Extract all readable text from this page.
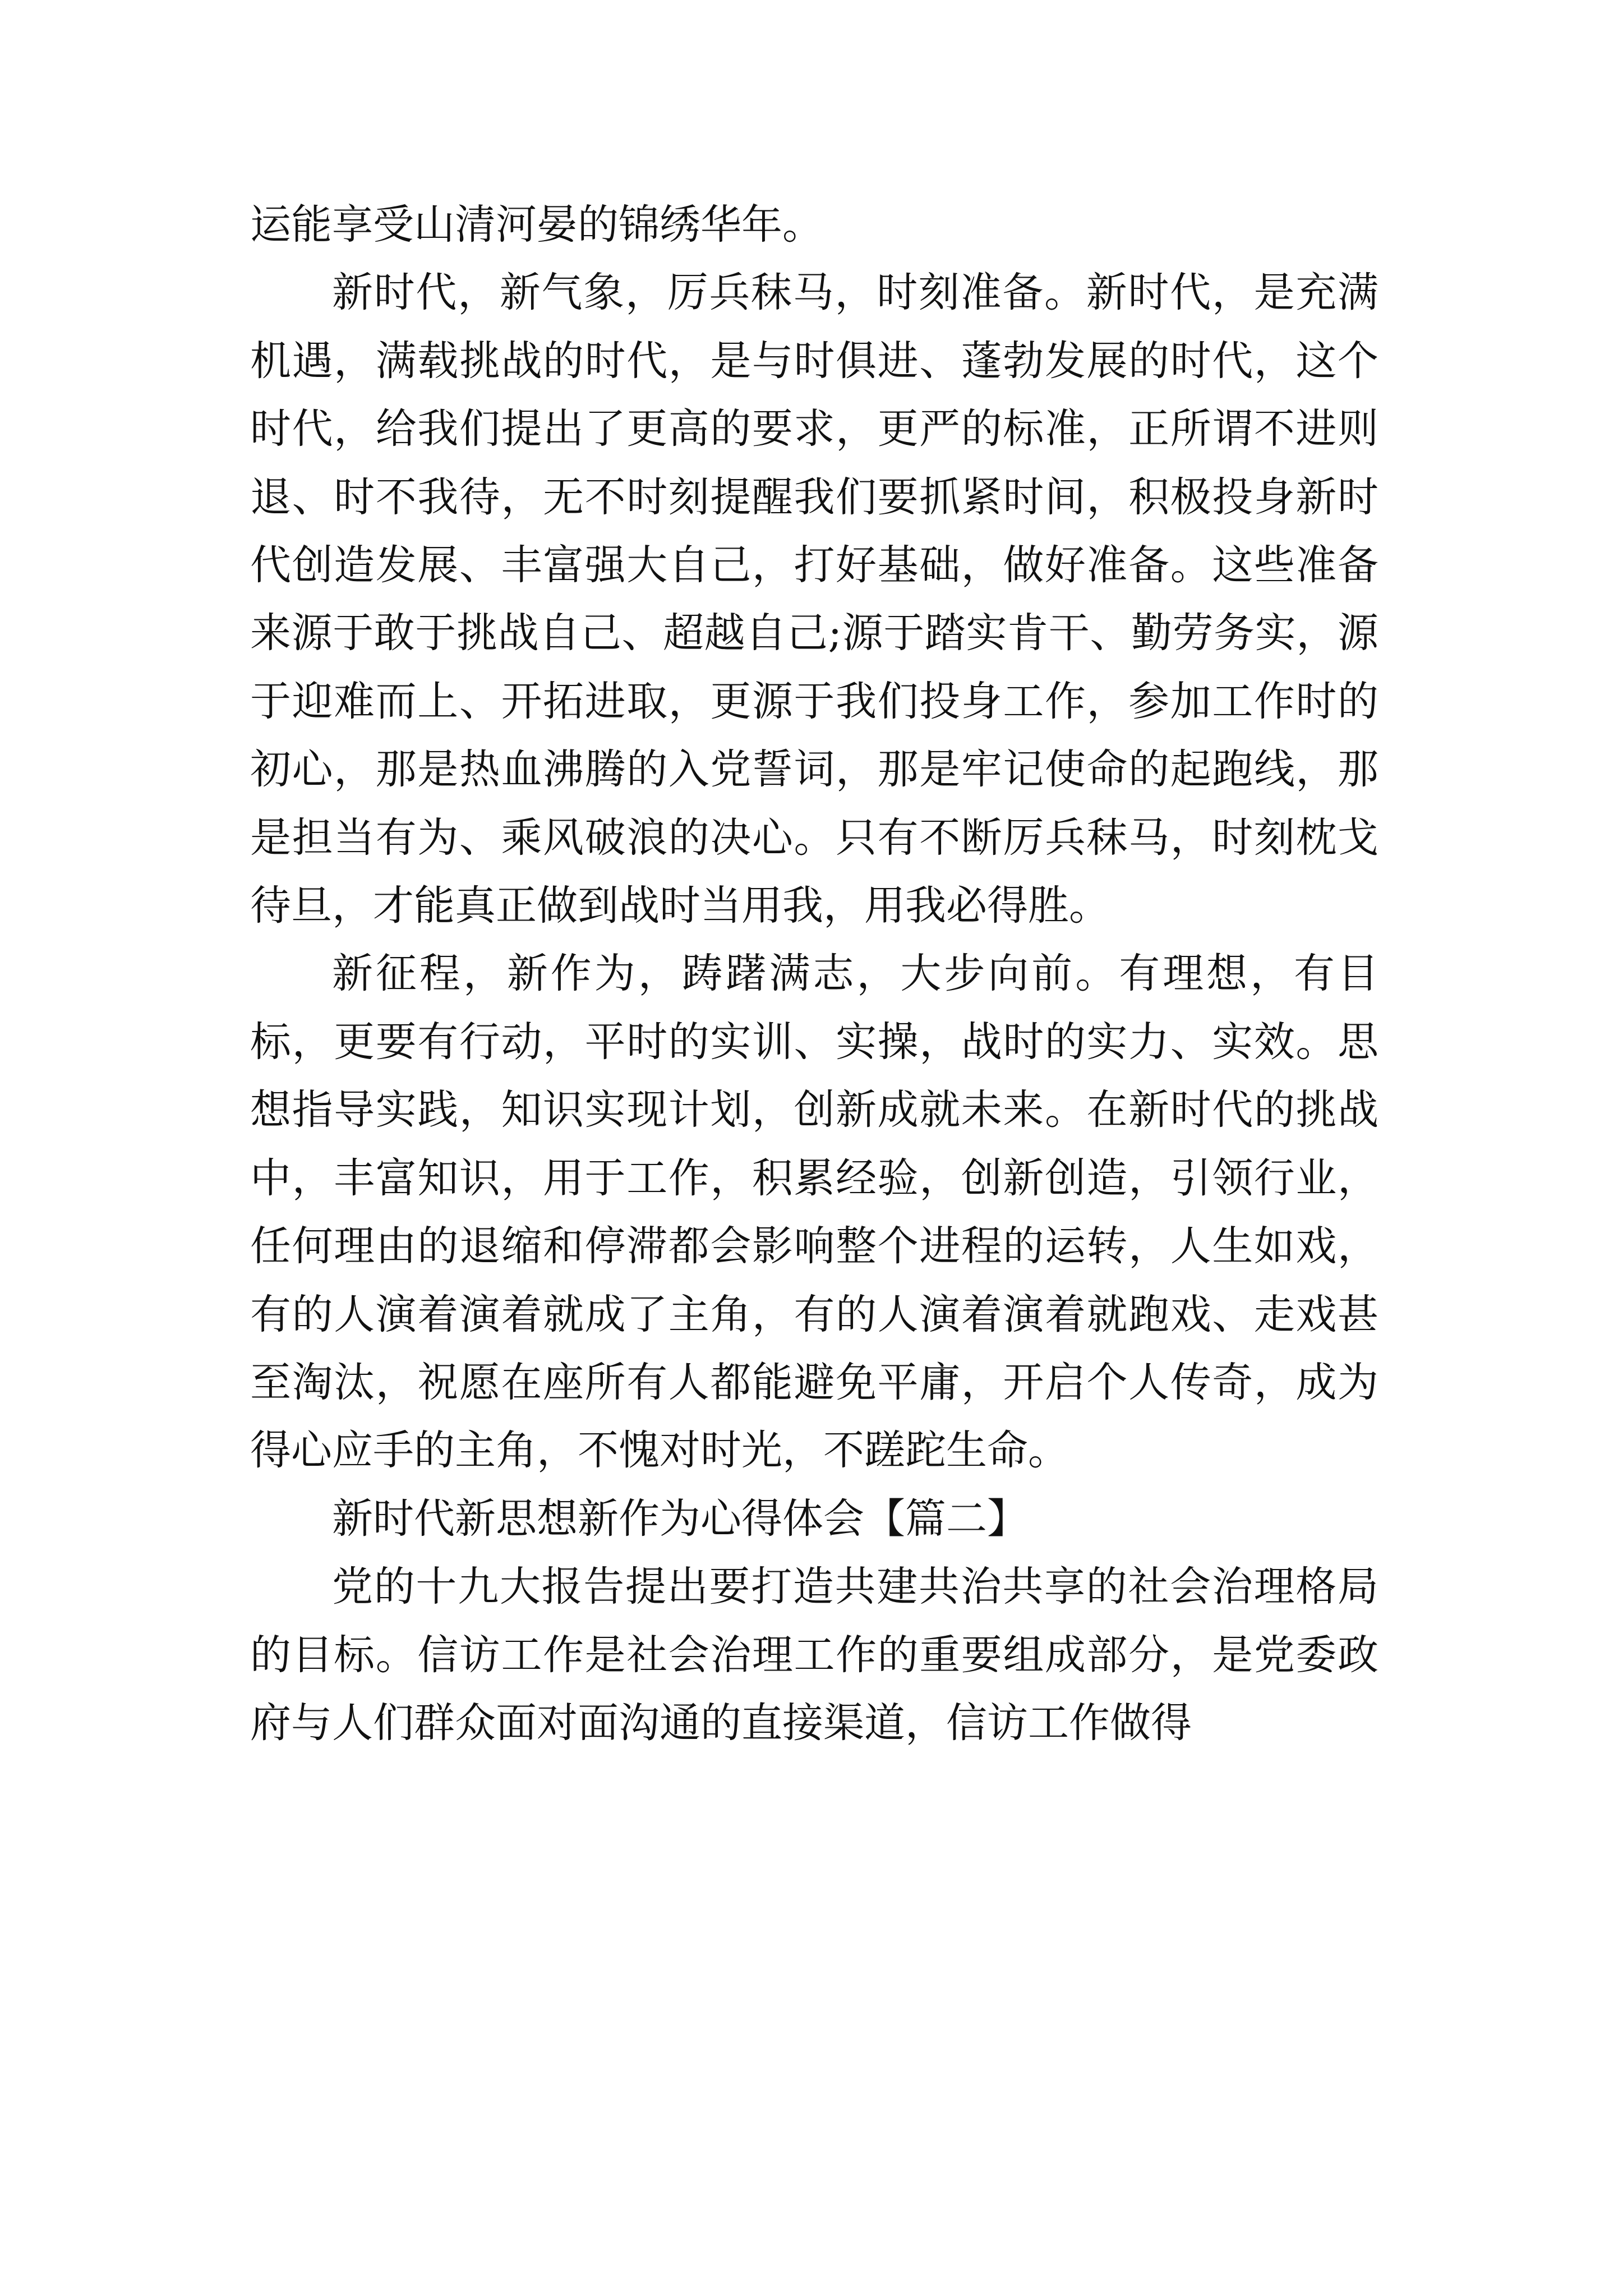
运能享受山清河晏的锦绣华年。

新时代，新气象，厉兵秣马，时刻准备。新时代，是充满机遇，满载挑战的时代，是与时俱进、蓬勃发展的时代，这个时代，给我们提出了更高的要求，更严的标准，正所谓不进则退、时不我待，无不时刻提醒我们要抓紧时间，积极投身新时代创造发展、丰富强大自己，打好基础，做好准备。这些准备来源于敢于挑战自己、超越自己;源于踏实肯干、勤劳务实，源于迎难而上、开拓进取，更源于我们投身工作，参加工作时的初心，那是热血沸腾的入党誓词，那是牢记使命的起跑线，那是担当有为、乘风破浪的决心。只有不断厉兵秣马，时刻枕戈待旦，才能真正做到战时当用我，用我必得胜。

新征程，新作为，踌躇满志，大步向前。有理想，有目标，更要有行动，平时的实训、实操，战时的实力、实效。思想指导实践，知识实现计划，创新成就未来。在新时代的挑战中，丰富知识，用于工作，积累经验，创新创造，引领行业，任何理由的退缩和停滞都会影响整个进程的运转，人生如戏，有的人演着演着就成了主角，有的人演着演着就跑戏、走戏甚至淘汰，祝愿在座所有人都能避免平庸，开启个人传奇，成为得心应手的主角，不愧对时光，不蹉跎生命。

新时代新思想新作为心得体会【篇二】

党的十九大报告提出要打造共建共治共享的社会治理格局的目标。信访工作是社会治理工作的重要组成部分，是党委政府与人们群众面对面沟通的直接渠道，信访工作做得
